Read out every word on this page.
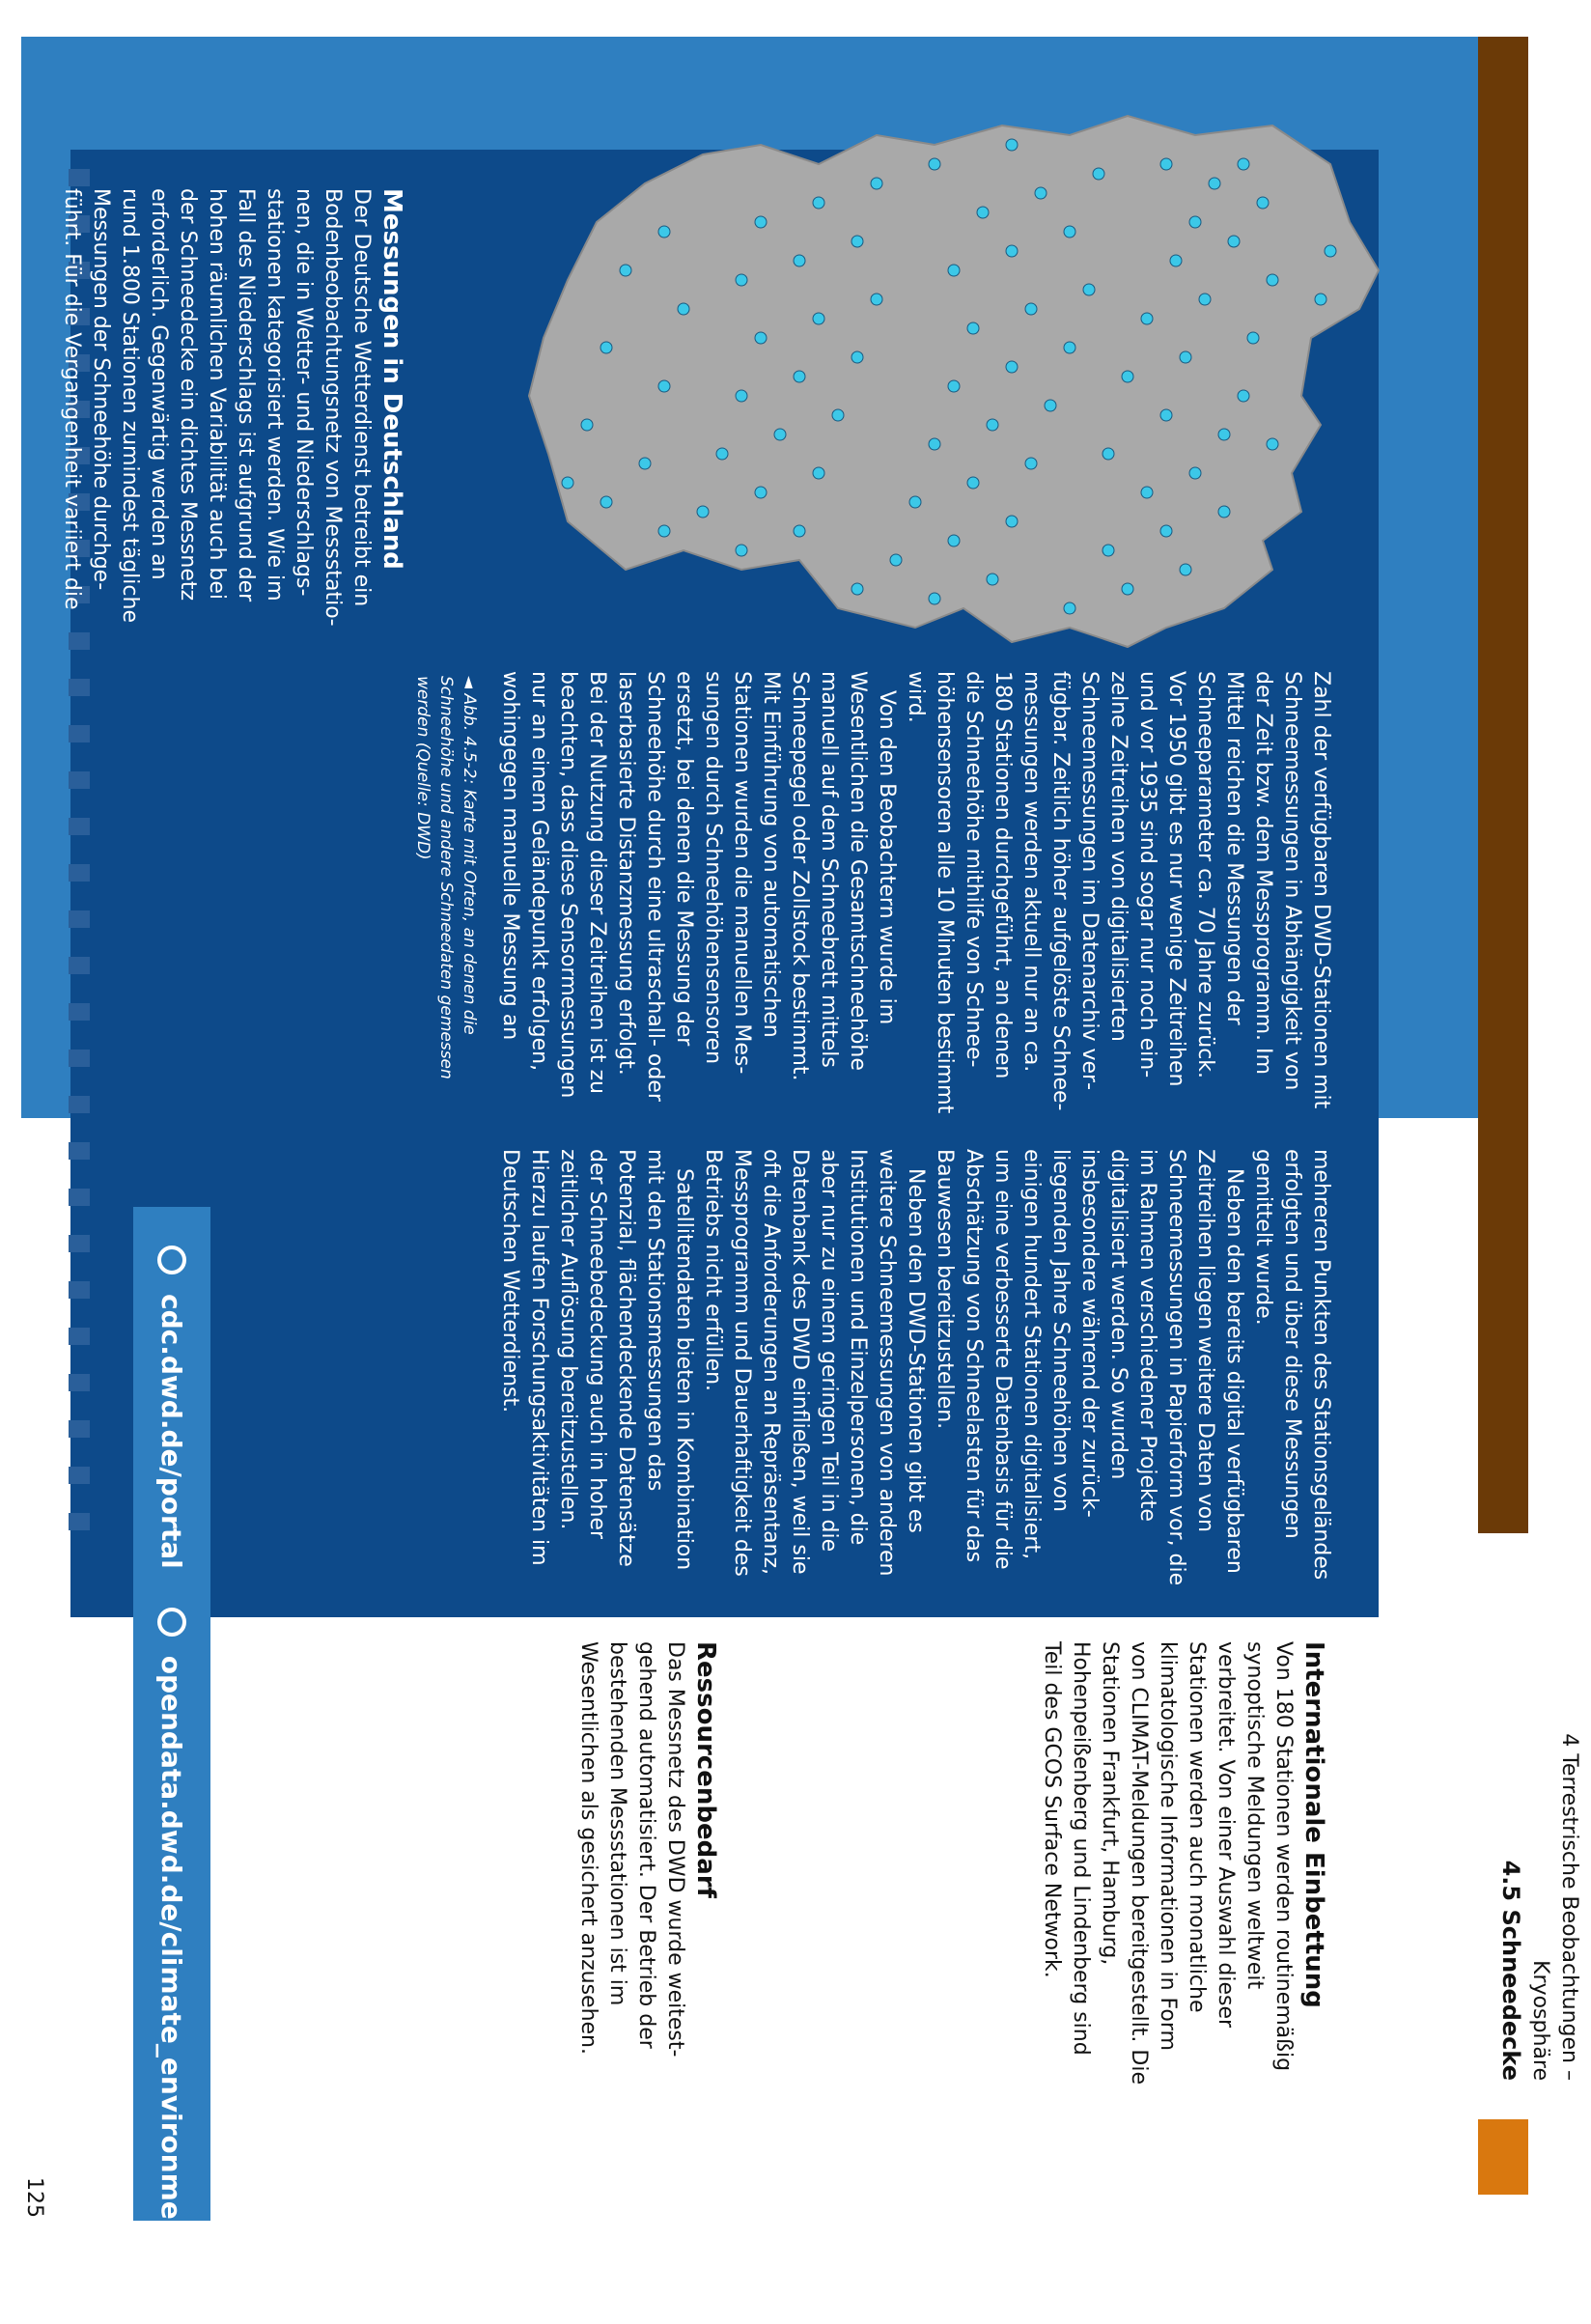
4 Terrestrische Beobachtungen – Kryosphäre
4.5 Schneedecke
◄ Abb. 4.5-2: Karte mit Orten, an denen die Schneehöhe und andere Schneedaten gemessen werden (Quelle: DWD)
Messungen in Deutschland

Der Deutsche Wetterdienst betreibt ein Bodenbeobachtungsnetz von Messstationen, die in Wetter- und Niederschlagsstationen kategorisiert werden. Wie im Fall des Niederschlags ist aufgrund der hohen räumlichen Variabilität auch bei der Schneedecke ein dichtes Messnetz erforderlich. Gegenwärtig werden an rund 1.800 Stationen zumindest tägliche Messungen der Schneehöhe durchgeführt. Für die Vergangenheit variiert die

Zahl der verfügbaren DWD-Stationen mit Schneemessungen in Abhängigkeit von der Zeit bzw. dem Messprogramm. Im Mittel reichen die Messungen der Schneeparameter ca. 70 Jahre zurück. Vor 1950 gibt es nur wenige Zeitreihen und vor 1935 sind sogar nur noch einzelne Zeitreihen von digitalisierten Schneemessungen im Datenarchiv verfügbar. Zeitlich höher aufgelöste Schneemessungen werden aktuell nur an ca. 180 Stationen durchgeführt, an denen die Schneehöhe mithilfe von Schneehöhensensoren alle 10 Minuten bestimmt wird.

Von den Beobachtern wurde im Wesentlichen die Gesamtschneehöhe manuell auf dem Schneebrett mittels Schneepegel oder Zollstock bestimmt. Mit Einführung von automatischen Stationen wurden die manuellen Messungen durch Schneehöhensensoren ersetzt, bei denen die Messung der Schneehöhe durch eine ultraschall- oder laserbasierte Distanzmessung erfolgt. Bei der Nutzung dieser Zeitreihen ist zu beachten, dass diese Sensormessungen nur an einem Geländepunkt erfolgen, wohingegen manuelle Messung an

mehreren Punkten des Stationsgeländes erfolgten und über diese Messungen gemittelt wurde.

Neben den bereits digital verfügbaren Zeitreihen liegen weitere Daten von Schneemessungen in Papierform vor, die im Rahmen verschiedener Projekte digitalisiert werden. So wurden insbesondere während der zurückliegenden Jahre Schneehöhen von einigen hundert Stationen digitalisiert, um eine verbesserte Datenbasis für die Abschätzung von Schneelasten für das Bauwesen bereitzustellen.

Neben den DWD-Stationen gibt es weitere Schneemessungen von anderen Institutionen und Einzelpersonen, die aber nur zu einem geringen Teil in die Datenbank des DWD einfließen, weil sie oft die Anforderungen an Repräsentanz, Messprogramm und Dauerhaftigkeit des Betriebs nicht erfüllen.

Satellitendaten bieten in Kombination mit den Stationsmessungen das Potenzial, flächendeckende Datensätze der Schneebedeckung auch in hoher zeitlicher Auflösung bereitzustellen. Hierzu laufen Forschungsaktivitäten im Deutschen Wetterdienst.

Internationale Einbettung

Von 180 Stationen werden routinemäßig synoptische Meldungen weltweit verbreitet. Von einer Auswahl dieser Stationen werden auch monatliche klimatologische Informationen in Form von CLIMAT-Meldungen bereitgestellt. Die Stationen Frankfurt, Hamburg, Hohenpeißenberg und Lindenberg sind Teil des GCOS Surface Network.

Ressourcenbedarf

Das Messnetz des DWD wurde weitestgehend automatisiert. Der Betrieb der bestehenden Messstationen ist im Wesentlichen als gesichert anzusehen.

cdc.dwd.de/portal
opendata.dwd.de/climate_environment/CDC
125
